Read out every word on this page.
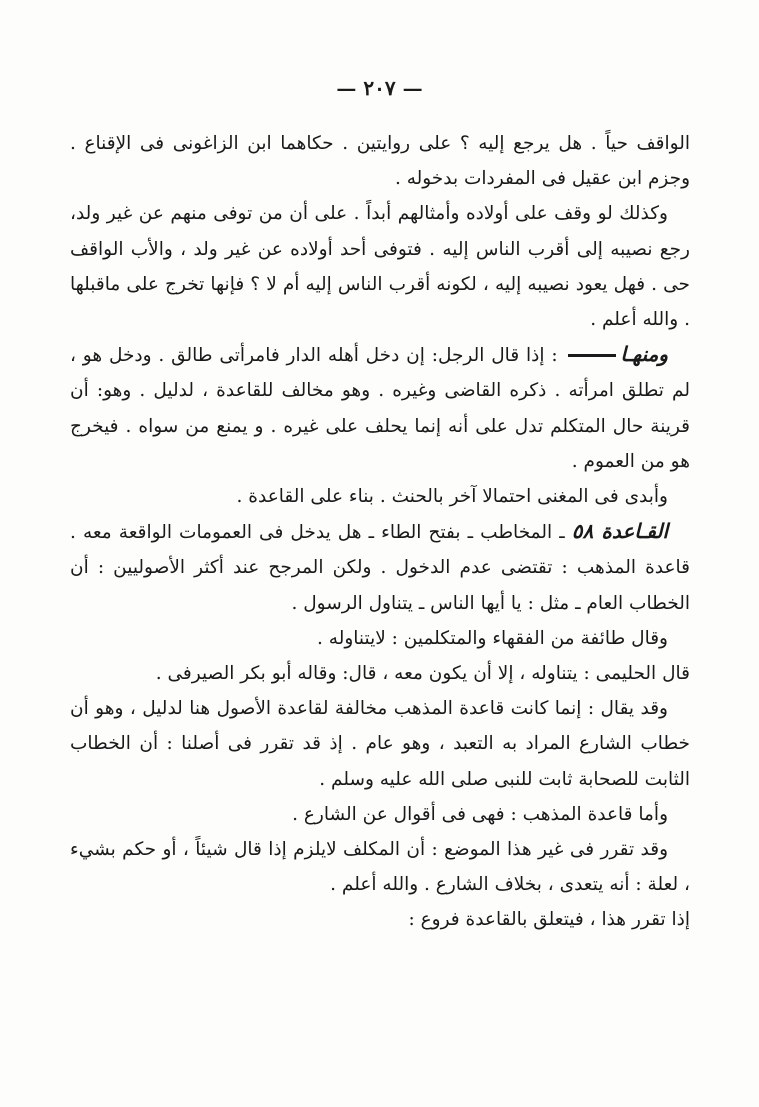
— ٢٠٧ —

الواقف حياً . هل يرجع إليه ؟ على روايتين . حكاهما ابن الزاغونى فى الإقناع . وجزم ابن عقيل فى المفردات بدخوله .

وكذلك لو وقف على أولاده وأمثالهم أبداً . على أن من توفى منهم عن غير ولد، رجع نصيبه إلى أقرب الناس إليه . فتوفى أحد أولاده عن غير ولد ، والأب الواقف حى . فهل يعود نصيبه إليه ، لكونه أقرب الناس إليه أم لا ؟ فإنها تخرج على ماقبلها . والله أعلم .

ومنهـا : إذا قال الرجل: إن دخل أهله الدار فامرأتى طالق . ودخل هو ، لم تطلق امرأته . ذكره القاضى وغيره . وهو مخالف للقاعدة ، لدليل . وهو: أن قرينة حال المتكلم تدل على أنه إنما يحلف على غيره . و يمنع من سواه . فيخرج هو من العموم .

وأبدى فى المغنى احتمالا آخر بالحنث . بناء على القاعدة .

القـاعدة ٥٨ ـ المخاطب ـ بفتح الطاء ـ هل يدخل فى العمومات الواقعة معه . قاعدة المذهب : تقتضى عدم الدخول . ولكن المرجح عند أكثر الأصوليين : أن الخطاب العام ـ مثل : يا أيها الناس ـ يتناول الرسول .

وقال طائفة من الفقهاء والمتكلمين : لايتناوله .

قال الحليمى : يتناوله ، إلا أن يكون معه ، قال: وقاله أبو بكر الصيرفى .

وقد يقال : إنما كانت قاعدة المذهب مخالفة لقاعدة الأصول هنا لدليل ، وهو أن خطاب الشارع المراد به التعبد ، وهو عام . إذ قد تقرر فى أصلنا : أن الخطاب الثابت للصحابة ثابت للنبى صلى الله عليه وسلم .

وأما قاعدة المذهب : فهى فى أقوال عن الشارع .

وقد تقرر فى غير هذا الموضع : أن المكلف لايلزم إذا قال شيئاً ، أو حكم بشيء ، لعلة : أنه يتعدى ، بخلاف الشارع . والله أعلم .

إذا تقرر هذا ، فيتعلق بالقاعدة فروع :
